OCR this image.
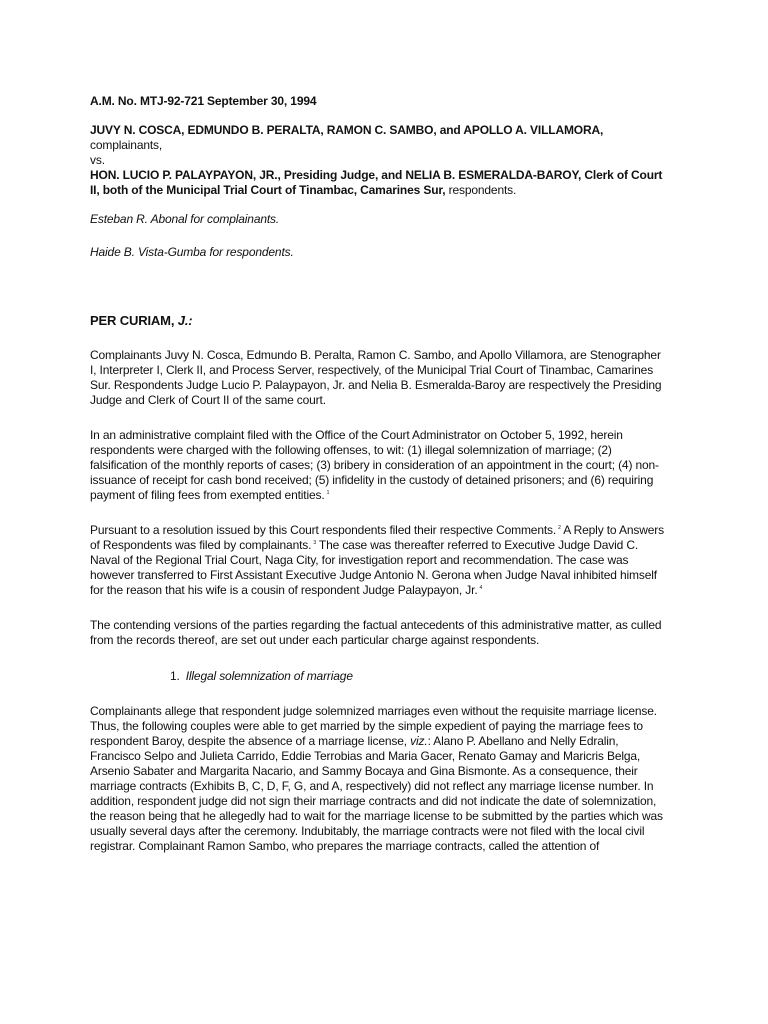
A.M. No. MTJ-92-721 September 30, 1994

JUVY N. COSCA, EDMUNDO B. PERALTA, RAMON C. SAMBO, and APOLLO A. VILLAMORA, complainants,
vs.
HON. LUCIO P. PALAYPAYON, JR., Presiding Judge, and NELIA B. ESMERALDA-BAROY, Clerk of Court II, both of the Municipal Trial Court of Tinambac, Camarines Sur, respondents.

Esteban R. Abonal for complainants.

Haide B. Vista-Gumba for respondents.

PER CURIAM, J.:

Complainants Juvy N. Cosca, Edmundo B. Peralta, Ramon C. Sambo, and Apollo Villamora, are Stenographer I, Interpreter I, Clerk II, and Process Server, respectively, of the Municipal Trial Court of Tinambac, Camarines Sur. Respondents Judge Lucio P. Palaypayon, Jr. and Nelia B. Esmeralda-Baroy are respectively the Presiding Judge and Clerk of Court II of the same court.

In an administrative complaint filed with the Office of the Court Administrator on October 5, 1992, herein respondents were charged with the following offenses, to wit: (1) illegal solemnization of marriage; (2) falsification of the monthly reports of cases; (3) bribery in consideration of an appointment in the court; (4) non-issuance of receipt for cash bond received; (5) infidelity in the custody of detained prisoners; and (6) requiring payment of filing fees from exempted entities. $^1$

Pursuant to a resolution issued by this Court respondents filed their respective Comments. $^2$ A Reply to Answers of Respondents was filed by complainants. $^3$ The case was thereafter referred to Executive Judge David C. Naval of the Regional Trial Court, Naga City, for investigation report and recommendation. The case was however transferred to First Assistant Executive Judge Antonio N. Gerona when Judge Naval inhibited himself for the reason that his wife is a cousin of respondent Judge Palaypayon, Jr. $^4$

The contending versions of the parties regarding the factual antecedents of this administrative matter, as culled from the records thereof, are set out under each particular charge against respondents.

1. Illegal solemnization of marriage

Complainants allege that respondent judge solemnized marriages even without the requisite marriage license. Thus, the following couples were able to get married by the simple expedient of paying the marriage fees to respondent Baroy, despite the absence of a marriage license, viz.: Alano P. Abellano and Nelly Edralin, Francisco Selpo and Julieta Carrido, Eddie Terrobias and Maria Gacer, Renato Gamay and Maricris Belga, Arsenio Sabater and Margarita Nacario, and Sammy Bocaya and Gina Bismonte. As a consequence, their marriage contracts (Exhibits B, C, D, F, G, and A, respectively) did not reflect any marriage license number. In addition, respondent judge did not sign their marriage contracts and did not indicate the date of solemnization, the reason being that he allegedly had to wait for the marriage license to be submitted by the parties which was usually several days after the ceremony. Indubitably, the marriage contracts were not filed with the local civil registrar. Complainant Ramon Sambo, who prepares the marriage contracts, called the attention of
